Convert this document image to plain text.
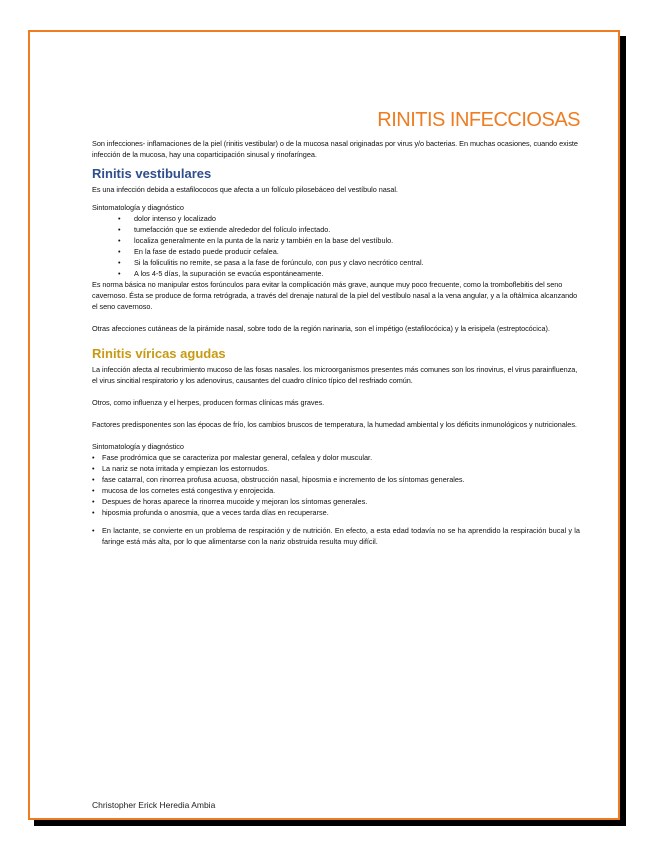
RINITIS INFECCIOSAS

Son infecciones- inflamaciones de la piel (rinitis vestibular) o de la mucosa nasal originadas por virus y/o bacterias. En muchas ocasiones, cuando existe infección de la mucosa, hay una coparticipación sinusal y rinofaríngea.

Rinitis vestibulares

Es una infección debida a estafilococos que afecta a un folículo pilosebáceo del vestíbulo nasal.

Sintomatología y diagnóstico

• dolor intenso y localizado
• tumefacción que se extiende alrededor del folículo infectado.
• localiza generalmente en la punta de la nariz y también en la base del vestíbulo.
• En la fase de estado puede producir cefalea.
• Si la foliculitis no remite, se pasa a la fase de forúnculo, con pus y clavo necrótico central.
• A los 4-5 días, la supuración se evacúa espontáneamente.

Es norma básica no manipular estos forúnculos para evitar la complicación más grave, aunque muy poco frecuente, como la tromboflebitis del seno cavernoso. Ésta se produce de forma retrógrada, a través del drenaje natural de la piel del vestíbulo nasal a la vena angular, y a la oftálmica alcanzando el seno cavernoso.

Otras afecciones cutáneas de la pirámide nasal, sobre todo de la región narinaria, son el impétigo (estafilocócica) y la erisipela (estreptocócica).

Rinitis víricas agudas

La infección afecta al recubrimiento mucoso de las fosas nasales. los microorganismos presentes más comunes son los rinovirus, el virus parainfluenza, el virus sincitial respiratorio y los adenovirus, causantes del cuadro clínico típico del resfriado común.

Otros, como influenza y el herpes, producen formas clínicas más graves.

Factores predisponentes son las épocas de frío, los cambios bruscos de temperatura, la humedad ambiental y los déficits inmunológicos y nutricionales.

Sintomatología y diagnóstico

• Fase prodrómica que se caracteriza por malestar general, cefalea y dolor muscular.
• La nariz se nota irritada y empiezan los estornudos.
• fase catarral, con rinorrea profusa acuosa, obstrucción nasal, hiposmia e incremento de los síntomas generales.
• mucosa de los cornetes está congestiva y enrojecida.
• Despues de horas aparece la rinorrea mucoide y mejoran los síntomas generales.
• hiposmia profunda o anosmia, que a veces tarda días en recuperarse.
• En lactante, se convierte en un problema de respiración y de nutrición. En efecto, a esta edad todavía no se ha aprendido la respiración bucal y la faringe está más alta, por lo que alimentarse con la nariz obstruida resulta muy difícil.
Christopher Erick Heredia Ambia
